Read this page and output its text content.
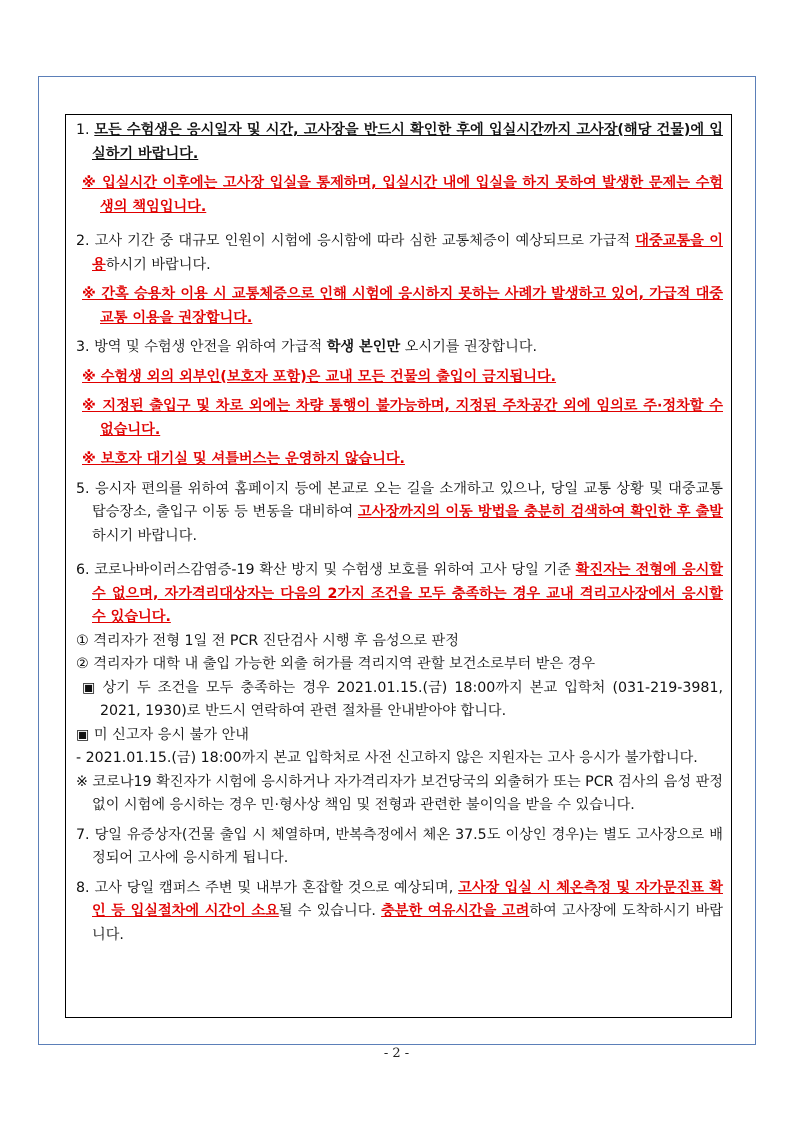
1. 모든 수험생은 응시일자 및 시간, 고사장을 반드시 확인한 후에 입실시간까지 고사장(해당 건물)에 입실하기 바랍니다.
※ 입실시간 이후에는 고사장 입실을 통제하며, 입실시간 내에 입실을 하지 못하여 발생한 문제는 수험생의 책임입니다.
2. 고사 기간 중 대규모 인원이 시험에 응시함에 따라 심한 교통체증이 예상되므로 가급적 대중교통을 이용하시기 바랍니다.
※ 간혹 승용차 이용 시 교통체증으로 인해 시험에 응시하지 못하는 사례가 발생하고 있어, 가급적 대중교통 이용을 권장합니다.
3. 방역 및 수험생 안전을 위하여 가급적 학생 본인만 오시기를 권장합니다.
※ 수험생 외의 외부인(보호자 포함)은 교내 모든 건물의 출입이 금지됩니다.
※ 지정된 출입구 및 차로 외에는 차량 통행이 불가능하며, 지정된 주차공간 외에 임의로 주·정차할 수 없습니다.
※ 보호자 대기실 및 셔틀버스는 운영하지 않습니다.
5. 응시자 편의를 위하여 홈페이지 등에 본교로 오는 길을 소개하고 있으나, 당일 교통 상황 및 대중교통 탑승장소, 출입구 이동 등 변동을 대비하여 고사장까지의 이동 방법을 충분히 검색하여 확인한 후 출발하시기 바랍니다.
6. 코로나바이러스감염증-19 확산 방지 및 수험생 보호를 위하여 고사 당일 기준 확진자는 전형에 응시할 수 없으며, 자가격리대상자는 다음의 2가지 조건을 모두 충족하는 경우 교내 격리고사장에서 응시할 수 있습니다.
① 격리자가 전형 1일 전 PCR 진단검사 시행 후 음성으로 판정
② 격리자가 대학 내 출입 가능한 외출 허가를 격리지역 관할 보건소로부터 받은 경우
▣ 상기 두 조건을 모두 충족하는 경우 2021.01.15.(금) 18:00까지 본교 입학처 (031-219-3981, 2021, 1930)로 반드시 연락하여 관련 절차를 안내받아야 합니다.
▣ 미 신고자 응시 불가 안내
- 2021.01.15.(금) 18:00까지 본교 입학처로 사전 신고하지 않은 지원자는 고사 응시가 불가합니다.
※ 코로나19 확진자가 시험에 응시하거나 자가격리자가 보건당국의 외출허가 또는 PCR 검사의 음성 판정 없이 시험에 응시하는 경우 민·형사상 책임 및 전형과 관련한 불이익을 받을 수 있습니다.
7. 당일 유증상자(건물 출입 시 체열하며, 반복측정에서 체온 37.5도 이상인 경우)는 별도 고사장으로 배정되어 고사에 응시하게 됩니다.
8. 고사 당일 캠퍼스 주변 및 내부가 혼잡할 것으로 예상되며, 고사장 입실 시 체온측정 및 자가문진표 확인 등 입실절차에 시간이 소요될 수 있습니다. 충분한 여유시간을 고려하여 고사장에 도착하시기 바랍니다.
- 2 -
